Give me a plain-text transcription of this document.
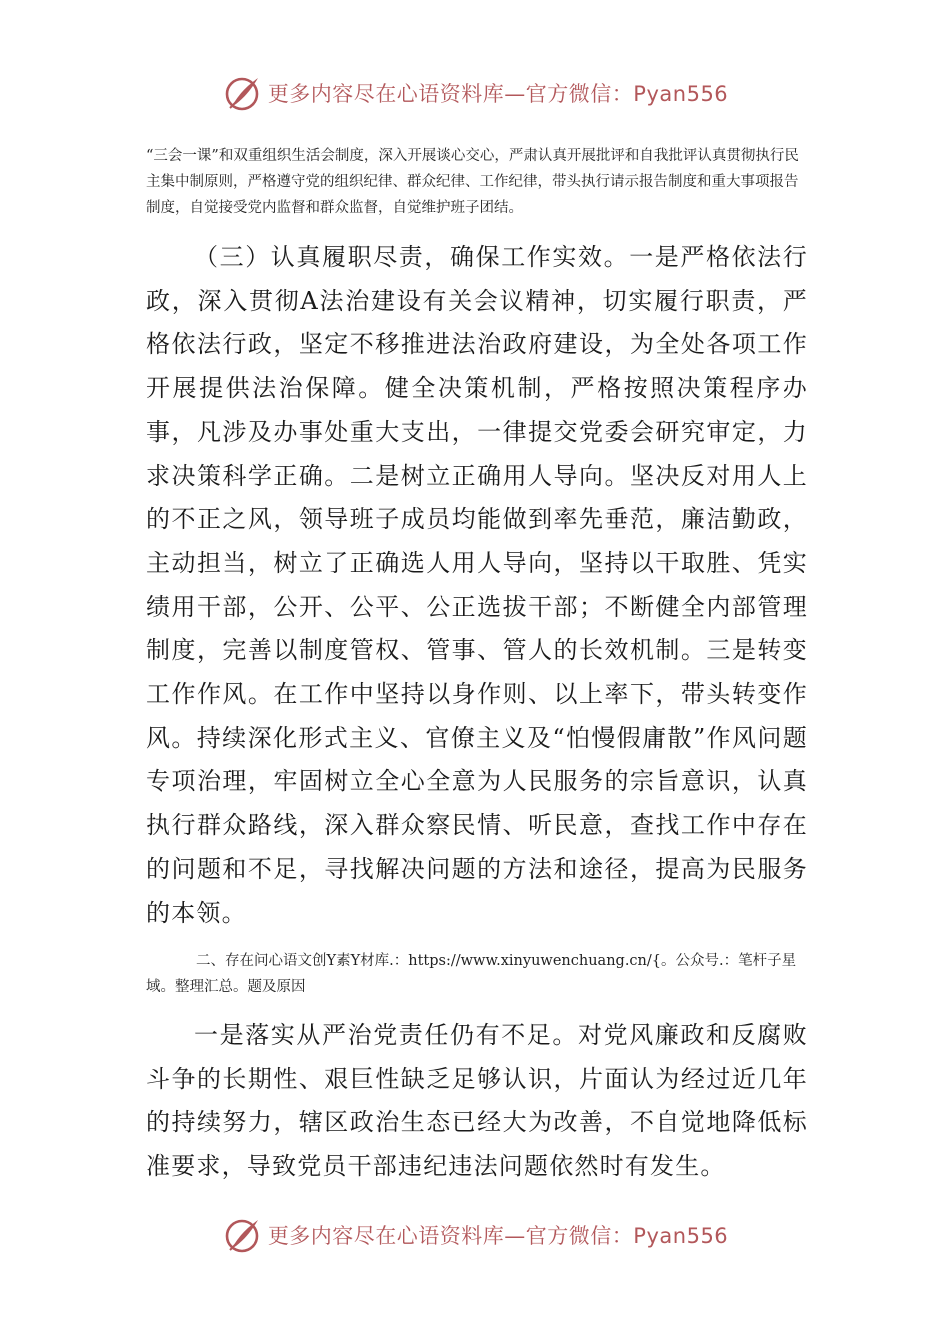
更多内容尽在心语资料库—官方微信：Pyan556

“三会一课”和双重组织生活会制度，深入开展谈心交心，严肃认真开展批评和自我批评认真贯彻执行民主集中制原则，严格遵守党的组织纪律、群众纪律、工作纪律，带头执行请示报告制度和重大事项报告制度，自觉接受党内监督和群众监督，自觉维护班子团结。

（三）认真履职尽责，确保工作实效。一是严格依法行政，深入贯彻A法治建设有关会议精神，切实履行职责，严格依法行政，坚定不移推进法治政府建设，为全处各项工作开展提供法治保障。健全决策机制，严格按照决策程序办事，凡涉及办事处重大支出，一律提交党委会研究审定，力求决策科学正确。二是树立正确用人导向。坚决反对用人上的不正之风，领导班子成员均能做到率先垂范，廉洁勤政，主动担当，树立了正确选人用人导向，坚持以干取胜、凭实绩用干部，公开、公平、公正选拔干部；不断健全内部管理制度，完善以制度管权、管事、管人的长效机制。三是转变工作作风。在工作中坚持以身作则、以上率下，带头转变作风。持续深化形式主义、官僚主义及“怕慢假庸散”作风问题专项治理，牢固树立全心全意为人民服务的宗旨意识，认真执行群众路线，深入群众察民情、听民意，查找工作中存在的问题和不足，寻找解决问题的方法和途径，提高为民服务的本领。

二、存在问心语文创Y素Y材库.：https://www.xinyuwenchuang.cn/{。公众号.：笔杆子星域。整理汇总。题及原因

一是落实从严治党责任仍有不足。对党风廉政和反腐败斗争的长期性、艰巨性缺乏足够认识，片面认为经过近几年的持续努力，辖区政治生态已经大为改善，不自觉地降低标准要求，导致党员干部违纪违法问题依然时有发生。

更多内容尽在心语资料库—官方微信：Pyan556
